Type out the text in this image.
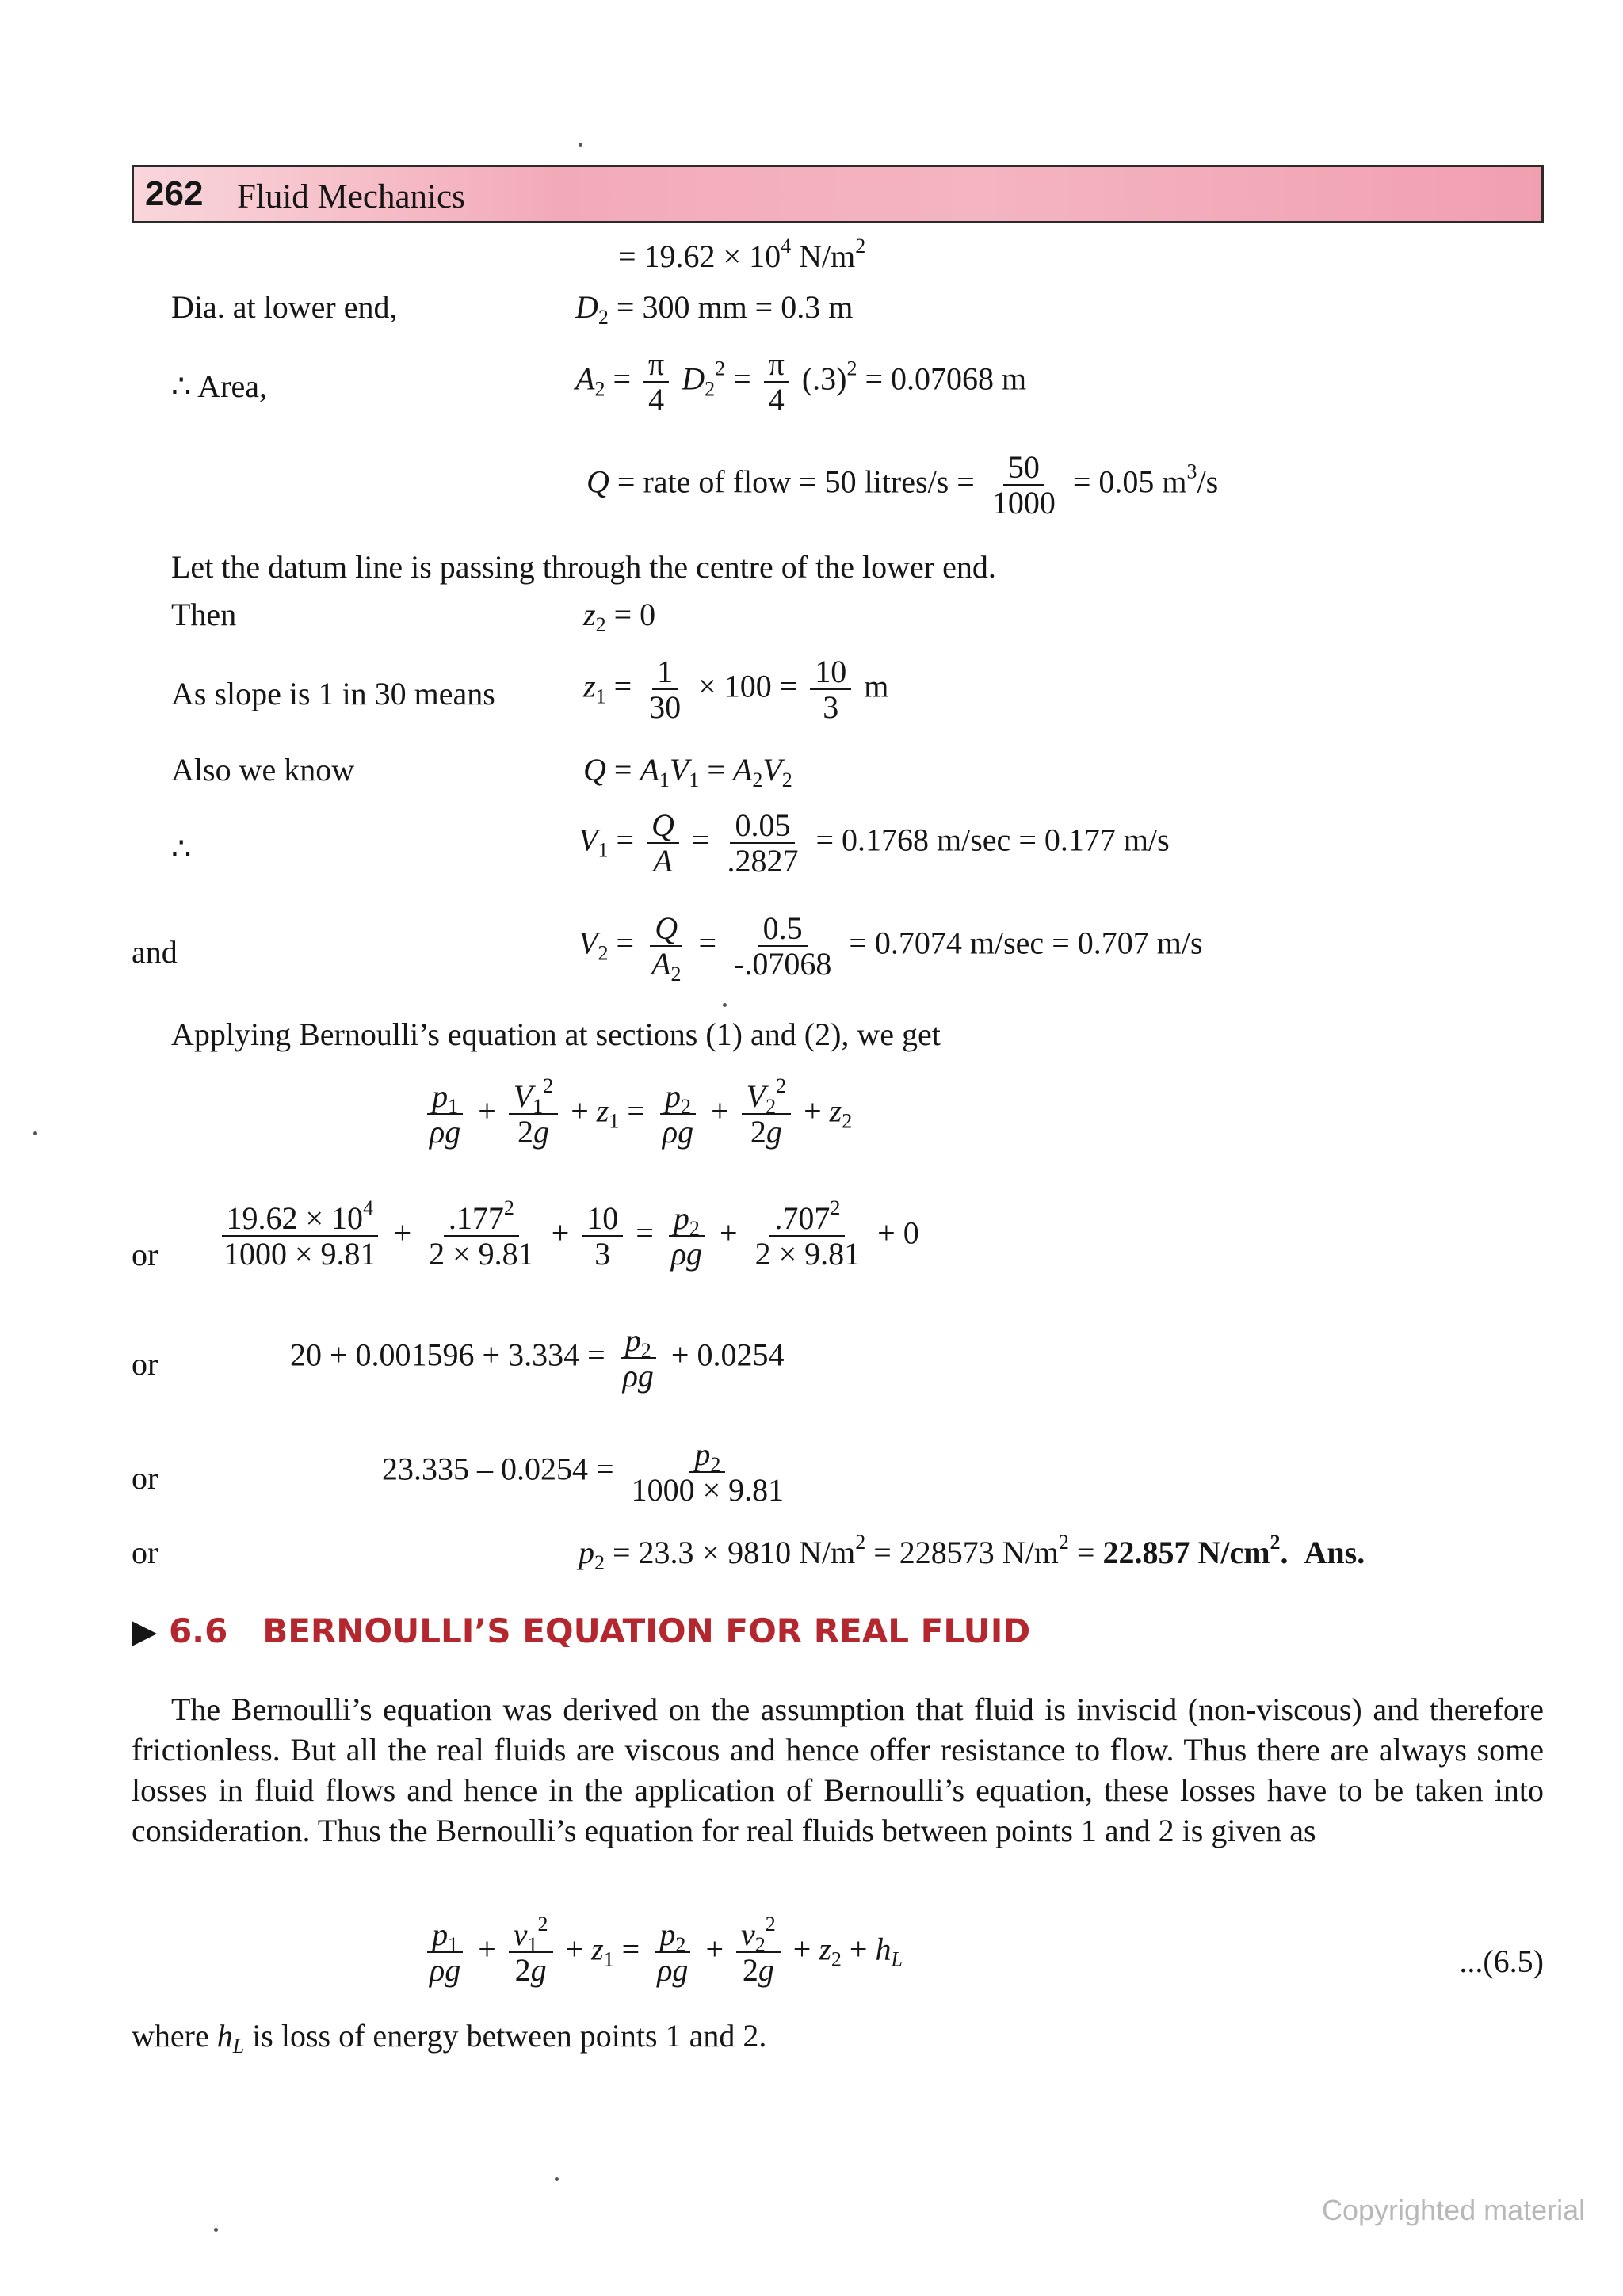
262 Fluid Mechanics
= $19.62 \times 10^4$ $N/m^2$
Dia. at lower end,	$D_2 = 300$ mm = 0.3 m
∴ Area,	$A_2 = \frac{\pi}{4} D_2^2 = \frac{\pi}{4} (.3)^2 = 0.07068$ m
Q = rate of flow = 50 litres/s = $\frac{50}{1000} = 0.05$ $m^3/s$
Let the datum line is passing through the centre of the lower end.
Then	$z_2 = 0$
As slope is 1 in 30 means	$z_1 = \frac{1}{30} \times 100 = \frac{10}{3}$ m
Also we know	$Q = A_1V_1 = A_2V_2$
∴	$V_1 = \frac{Q}{A} = \frac{0.05}{.2827} = 0.1768$ m/sec = 0.177 m/s
and	$V_2 = \frac{Q}{A_2} = \frac{0.5}{-.07068} = 0.7074$ m/sec = 0.707 m/s
Applying Bernoulli’s equation at sections (1) and (2), we get
$\frac{p_1}{\rho g} + \frac{V_1^2}{2g} + z_1 = \frac{p_2}{\rho g} + \frac{V_2^2}{2g} + z_2$
or $\frac{19.62 \times 10^4}{1000 \times 9.81} + \frac{.177^2}{2 \times 9.81} + \frac{10}{3} = \frac{p_2}{\rho g} + \frac{.707^2}{2 \times 9.81} + 0$
or	$20 + 0.001596 + 3.334 = \frac{p_2}{\rho g} + 0.0254$
or	$23.335 - 0.0254 = \frac{p_2}{1000 \times 9.81}$
or	$p_2 = 23.3 \times 9810$ $N/m^2 = 228573$ $N/m^2 = 22.857$ $N/cm^2$. Ans.
▶ 6.6 BERNOULLI’S EQUATION FOR REAL FLUID
The Bernoulli’s equation was derived on the assumption that fluid is inviscid (non-viscous) and therefore frictionless. But all the real fluids are viscous and hence offer resistance to flow. Thus there are always some losses in fluid flows and hence in the application of Bernoulli’s equation, these losses have to be taken into consideration. Thus the Bernoulli’s equation for real fluids between points 1 and 2 is given as
$\frac{p_1}{\rho g} + \frac{v_1^2}{2g} + z_1 = \frac{p_2}{\rho g} + \frac{v_2^2}{2g} + z_2 + h_L$	...(6.5)
where $h_L$ is loss of energy between points 1 and 2.
Copyrighted material
